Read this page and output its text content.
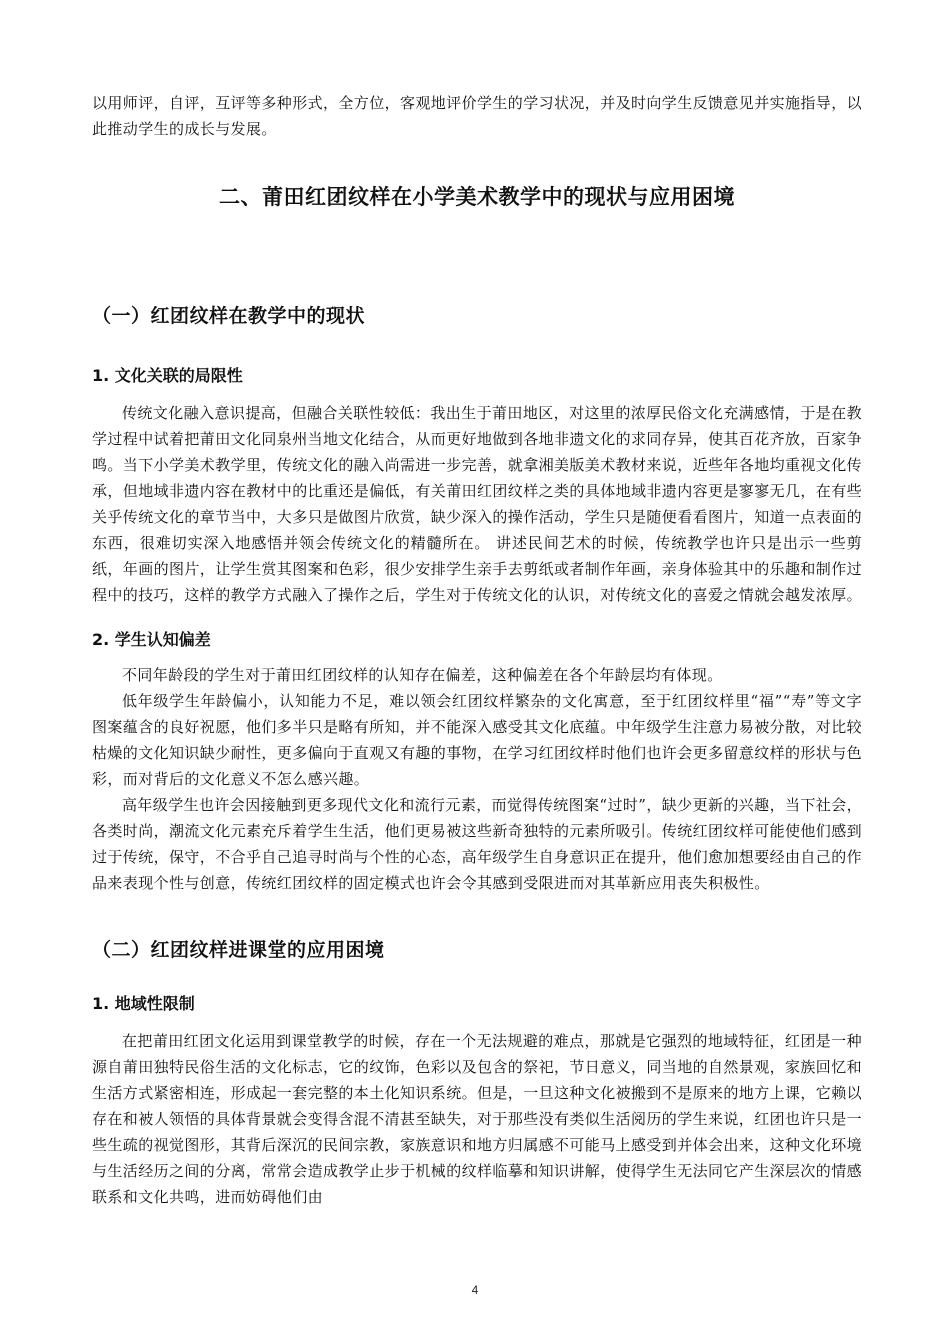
以用师评，自评，互评等多种形式，全方位，客观地评价学生的学习状况，并及时向学生反馈意见并实施指导，以此推动学生的成长与发展。

二、莆田红团纹样在小学美术教学中的现状与应用困境
（一）红团纹样在教学中的现状
1. 文化关联的局限性

传统文化融入意识提高，但融合关联性较低：我出生于莆田地区，对这里的浓厚民俗文化充满感情，于是在教学过程中试着把莆田文化同泉州当地文化结合，从而更好地做到各地非遗文化的求同存异，使其百花齐放，百家争鸣。当下小学美术教学里，传统文化的融入尚需进一步完善，就拿湘美版美术教材来说，近些年各地均重视文化传承，但地域非遗内容在教材中的比重还是偏低，有关莆田红团纹样之类的具体地域非遗内容更是寥寥无几，在有些关乎传统文化的章节当中，大多只是做图片欣赏，缺少深入的操作活动，学生只是随便看看图片，知道一点表面的东西，很难切实深入地感悟并领会传统文化的精髓所在。 讲述民间艺术的时候，传统教学也许只是出示一些剪纸，年画的图片，让学生赏其图案和色彩，很少安排学生亲手去剪纸或者制作年画，亲身体验其中的乐趣和制作过程中的技巧，这样的教学方式融入了操作之后，学生对于传统文化的认识，对传统文化的喜爱之情就会越发浓厚。

2. 学生认知偏差

不同年龄段的学生对于莆田红团纹样的认知存在偏差，这种偏差在各个年龄层均有体现。

低年级学生年龄偏小，认知能力不足，难以领会红团纹样繁杂的文化寓意，至于红团纹样里“福”“寿”等文字图案蕴含的良好祝愿，他们多半只是略有所知，并不能深入感受其文化底蕴。中年级学生注意力易被分散，对比较枯燥的文化知识缺少耐性，更多偏向于直观又有趣的事物，在学习红团纹样时他们也许会更多留意纹样的形状与色彩，而对背后的文化意义不怎么感兴趣。

高年级学生也许会因接触到更多现代文化和流行元素，而觉得传统图案“过时”，缺少更新的兴趣，当下社会，各类时尚，潮流文化元素充斥着学生生活，他们更易被这些新奇独特的元素所吸引。传统红团纹样可能使他们感到过于传统，保守，不合乎自己追寻时尚与个性的心态，高年级学生自身意识正在提升，他们愈加想要经由自己的作品来表现个性与创意，传统红团纹样的固定模式也许会令其感到受限进而对其革新应用丧失积极性。

（二）红团纹样进课堂的应用困境
1. 地域性限制

在把莆田红团文化运用到课堂教学的时候，存在一个无法规避的难点，那就是它强烈的地域特征，红团是一种源自莆田独特民俗生活的文化标志，它的纹饰，色彩以及包含的祭祀，节日意义，同当地的自然景观，家族回忆和生活方式紧密相连，形成起一套完整的本土化知识系统。但是，一旦这种文化被搬到不是原来的地方上课，它赖以存在和被人领悟的具体背景就会变得含混不清甚至缺失，对于那些没有类似生活阅历的学生来说，红团也许只是一些生疏的视觉图形，其背后深沉的民间宗教，家族意识和地方归属感不可能马上感受到并体会出来，这种文化环境与生活经历之间的分离，常常会造成教学止步于机械的纹样临摹和知识讲解，使得学生无法同它产生深层次的情感联系和文化共鸣，进而妨碍他们由

4
